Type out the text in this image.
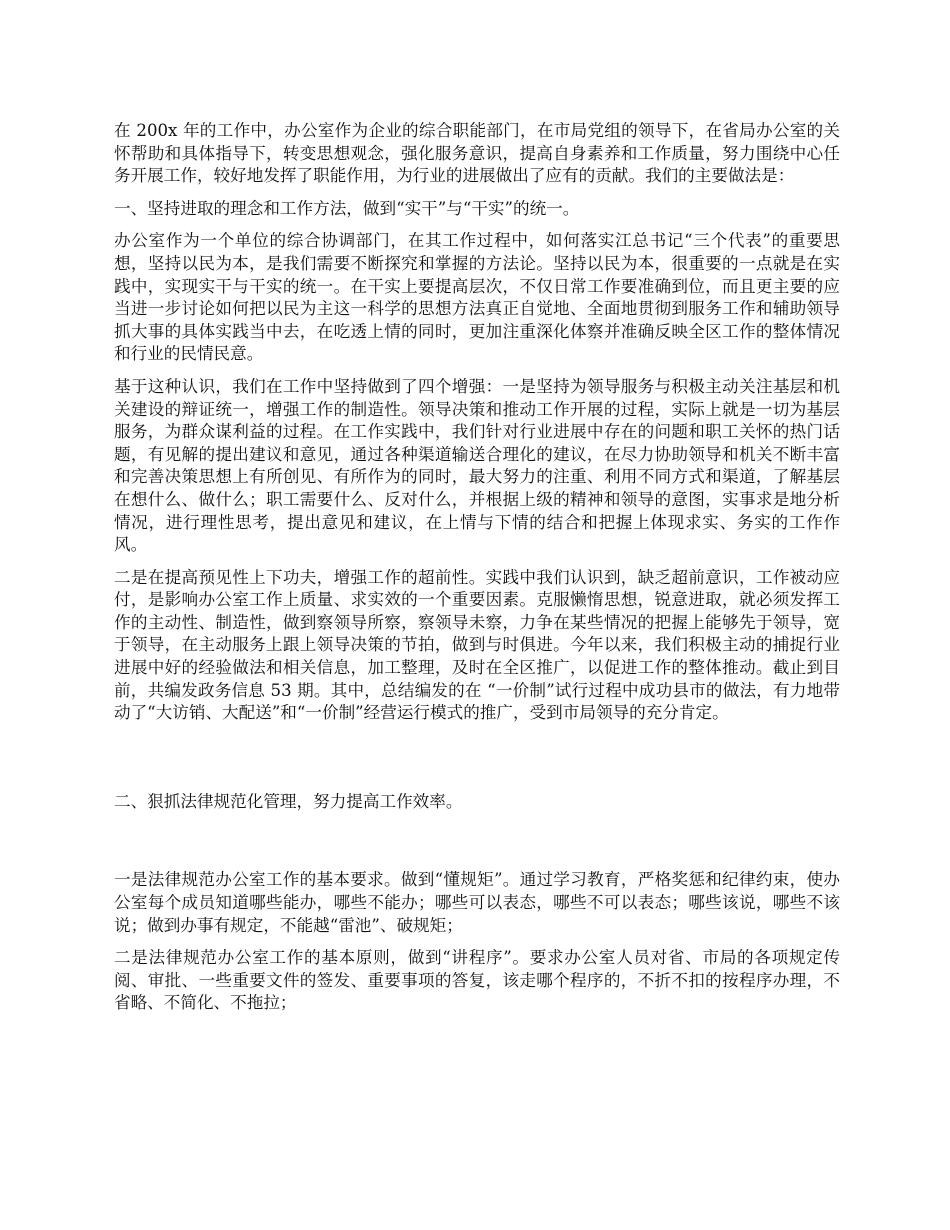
在 200x 年的工作中，办公室作为企业的综合职能部门，在市局党组的领导下，在省局办公室的关怀帮助和具体指导下，转变思想观念，强化服务意识，提高自身素养和工作质量，努力围绕中心任务开展工作，较好地发挥了职能作用，为行业的进展做出了应有的贡献。我们的主要做法是：

一、坚持进取的理念和工作方法，做到“实干”与“干实”的统一。

办公室作为一个单位的综合协调部门，在其工作过程中，如何落实江总书记“三个代表”的重要思想，坚持以民为本，是我们需要不断探究和掌握的方法论。坚持以民为本，很重要的一点就是在实践中，实现实干与干实的统一。在干实上要提高层次，不仅日常工作要准确到位，而且更主要的应当进一步讨论如何把以民为主这一科学的思想方法真正自觉地、全面地贯彻到服务工作和辅助领导抓大事的具体实践当中去，在吃透上情的同时，更加注重深化体察并准确反映全区工作的整体情况和行业的民情民意。

基于这种认识，我们在工作中坚持做到了四个增强：一是坚持为领导服务与积极主动关注基层和机关建设的辩证统一，增强工作的制造性。领导决策和推动工作开展的过程，实际上就是一切为基层服务，为群众谋利益的过程。在工作实践中，我们针对行业进展中存在的问题和职工关怀的热门话题，有见解的提出建议和意见，通过各种渠道输送合理化的建议，在尽力协助领导和机关不断丰富和完善决策思想上有所创见、有所作为的同时，最大努力的注重、利用不同方式和渠道，了解基层在想什么、做什么；职工需要什么、反对什么，并根据上级的精神和领导的意图，实事求是地分析情况，进行理性思考，提出意见和建议，在上情与下情的结合和把握上体现求实、务实的工作作风。

二是在提高预见性上下功夫，增强工作的超前性。实践中我们认识到，缺乏超前意识，工作被动应付，是影响办公室工作上质量、求实效的一个重要因素。克服懒惰思想，锐意进取，就必须发挥工作的主动性、制造性，做到察领导所察，察领导未察，力争在某些情况的把握上能够先于领导，宽于领导，在主动服务上跟上领导决策的节拍，做到与时俱进。今年以来，我们积极主动的捕捉行业进展中好的经验做法和相关信息，加工整理，及时在全区推广，以促进工作的整体推动。截止到目前，共编发政务信息 53 期。其中，总结编发的在 “一价制”试行过程中成功县市的做法，有力地带动了“大访销、大配送”和“一价制”经营运行模式的推广，受到市局领导的充分肯定。

二、狠抓法律规范化管理，努力提高工作效率。

一是法律规范办公室工作的基本要求。做到“懂规矩”。通过学习教育，严格奖惩和纪律约束，使办公室每个成员知道哪些能办，哪些不能办；哪些可以表态，哪些不可以表态；哪些该说，哪些不该说；做到办事有规定，不能越“雷池”、破规矩；

二是法律规范办公室工作的基本原则，做到“讲程序”。要求办公室人员对省、市局的各项规定传阅、审批、一些重要文件的签发、重要事项的答复，该走哪个程序的，不折不扣的按程序办理，不省略、不简化、不拖拉；
